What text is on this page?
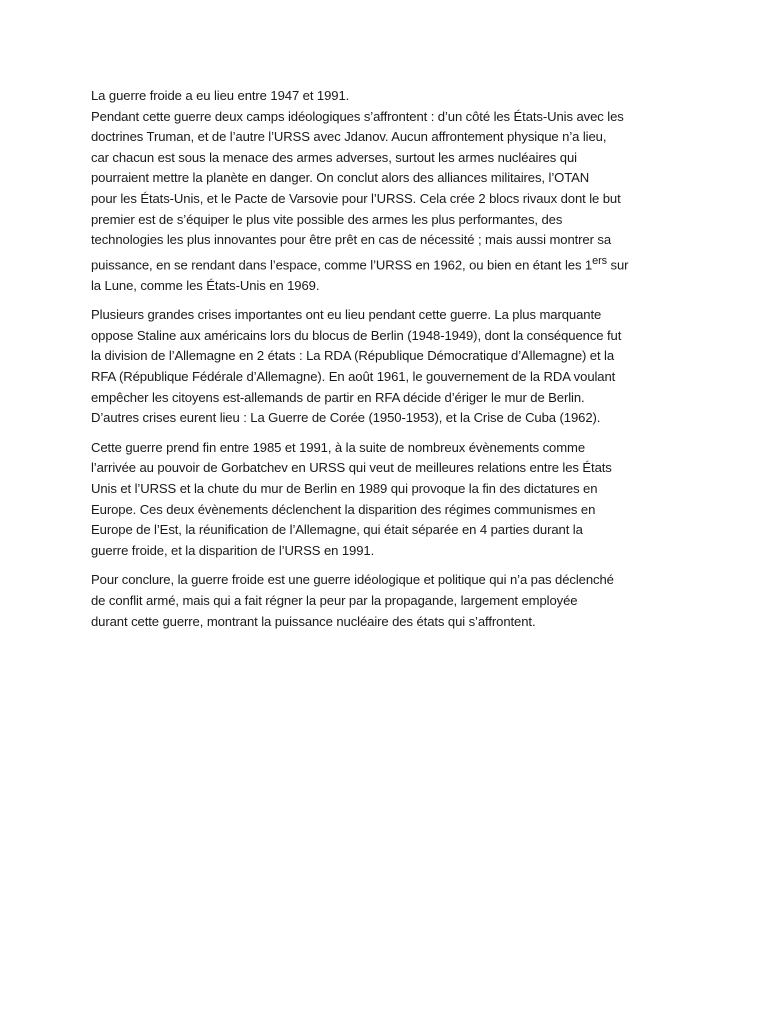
La guerre froide a eu lieu entre 1947 et 1991.
Pendant cette guerre deux camps idéologiques s’affrontent : d’un côté les États-Unis avec les
doctrines Truman, et de l’autre l’URSS avec Jdanov. Aucun affrontement physique n’a lieu,
car chacun est sous la menace des armes adverses, surtout les armes nucléaires qui
pourraient mettre la planète en danger. On conclut alors des alliances militaires, l’OTAN
pour les États-Unis, et le Pacte de Varsovie pour l’URSS. Cela crée 2 blocs rivaux dont le but
premier est de s’équiper le plus vite possible des armes les plus performantes, des
technologies les plus innovantes pour être prêt en cas de nécessité ; mais aussi montrer sa
puissance, en se rendant dans l’espace, comme l’URSS en 1962, ou bien en étant les 1ers sur
la Lune, comme les États-Unis en 1969.
Plusieurs grandes crises importantes ont eu lieu pendant cette guerre. La plus marquante
oppose Staline aux américains lors du blocus de Berlin (1948-1949), dont la conséquence fut
la division de l’Allemagne en 2 états : La RDA (République Démocratique d’Allemagne) et la
RFA (République Fédérale d’Allemagne). En août 1961, le gouvernement de la RDA voulant
empêcher les citoyens est-allemands de partir en RFA décide d’ériger le mur de Berlin.
D’autres crises eurent lieu : La Guerre de Corée (1950-1953), et la Crise de Cuba (1962).
Cette guerre prend fin entre 1985 et 1991, à la suite de nombreux évènements comme
l’arrivée au pouvoir de Gorbatchev en URSS qui veut de meilleures relations entre les États
Unis et l’URSS et la chute du mur de Berlin en 1989 qui provoque la fin des dictatures en
Europe. Ces deux évènements déclenchent la disparition des régimes communismes en
Europe de l’Est, la réunification de l’Allemagne, qui était séparée en 4 parties durant la
guerre froide, et la disparition de l’URSS en 1991.
Pour conclure, la guerre froide est une guerre idéologique et politique qui n’a pas déclenché
de conflit armé, mais qui a fait régner la peur par la propagande, largement employée
durant cette guerre, montrant la puissance nucléaire des états qui s’affrontent.
